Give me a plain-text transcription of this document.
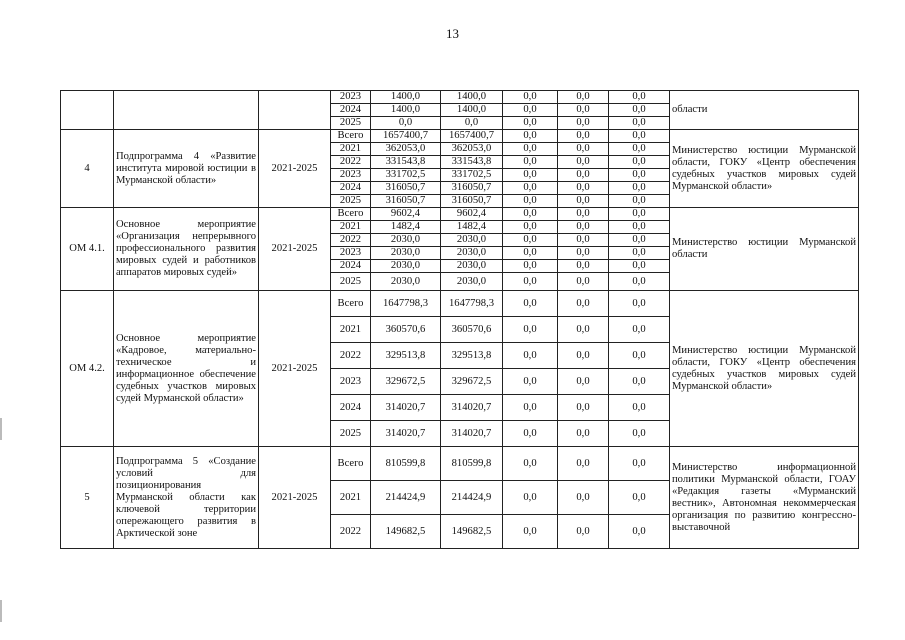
13
			2023	1400,0	1400,0	0,0	0,0	0,0	области
			2024	1400,0	1400,0	0,0	0,0	0,0	
			2025	0,0	0,0	0,0	0,0	0,0	
4	Подпрограмма 4 «Развитие института мировой юстиции в Мурманской области»	2021-2025	Всего	1657400,7	1657400,7	0,0	0,0	0,0	Министерство юстиции Мурманской области, ГОКУ «Центр обеспечения судебных участков мировых судей Мурманской области»
			2021	362053,0	362053,0	0,0	0,0	0,0	
			2022	331543,8	331543,8	0,0	0,0	0,0	
			2023	331702,5	331702,5	0,0	0,0	0,0	
			2024	316050,7	316050,7	0,0	0,0	0,0	
			2025	316050,7	316050,7	0,0	0,0	0,0	
ОМ 4.1.	Основное мероприятие «Организация непрерывного профессионального развития мировых судей и работников аппаратов мировых судей»	2021-2025	Всего	9602,4	9602,4	0,0	0,0	0,0	Министерство юстиции Мурманской области
			2021	1482,4	1482,4	0,0	0,0	0,0	
			2022	2030,0	2030,0	0,0	0,0	0,0	
			2023	2030,0	2030,0	0,0	0,0	0,0	
			2024	2030,0	2030,0	0,0	0,0	0,0	
			2025	2030,0	2030,0	0,0	0,0	0,0	
ОМ 4.2.	Основное мероприятие «Кадровое, материально-техническое и информационное обеспечение судебных участков мировых судей Мурманской области»	2021-2025	Всего	1647798,3	1647798,3	0,0	0,0	0,0	Министерство юстиции Мурманской области, ГОКУ «Центр обеспечения судебных участков мировых судей Мурманской области»
			2021	360570,6	360570,6	0,0	0,0	0,0	
			2022	329513,8	329513,8	0,0	0,0	0,0	
			2023	329672,5	329672,5	0,0	0,0	0,0	
			2024	314020,7	314020,7	0,0	0,0	0,0	
			2025	314020,7	314020,7	0,0	0,0	0,0	
5	Подпрограмма 5 «Создание условий для позиционирования Мурманской области как ключевой территории опережающего развития в Арктической зоне	2021-2025	Всего	810599,8	810599,8	0,0	0,0	0,0	Министерство информационной политики Мурманской области, ГОАУ «Редакция газеты «Мурманский вестник», Автономная некоммерческая организация по развитию конгрессно-выставочной
			2021	214424,9	214424,9	0,0	0,0	0,0	
			2022	149682,5	149682,5	0,0	0,0	0,0	
